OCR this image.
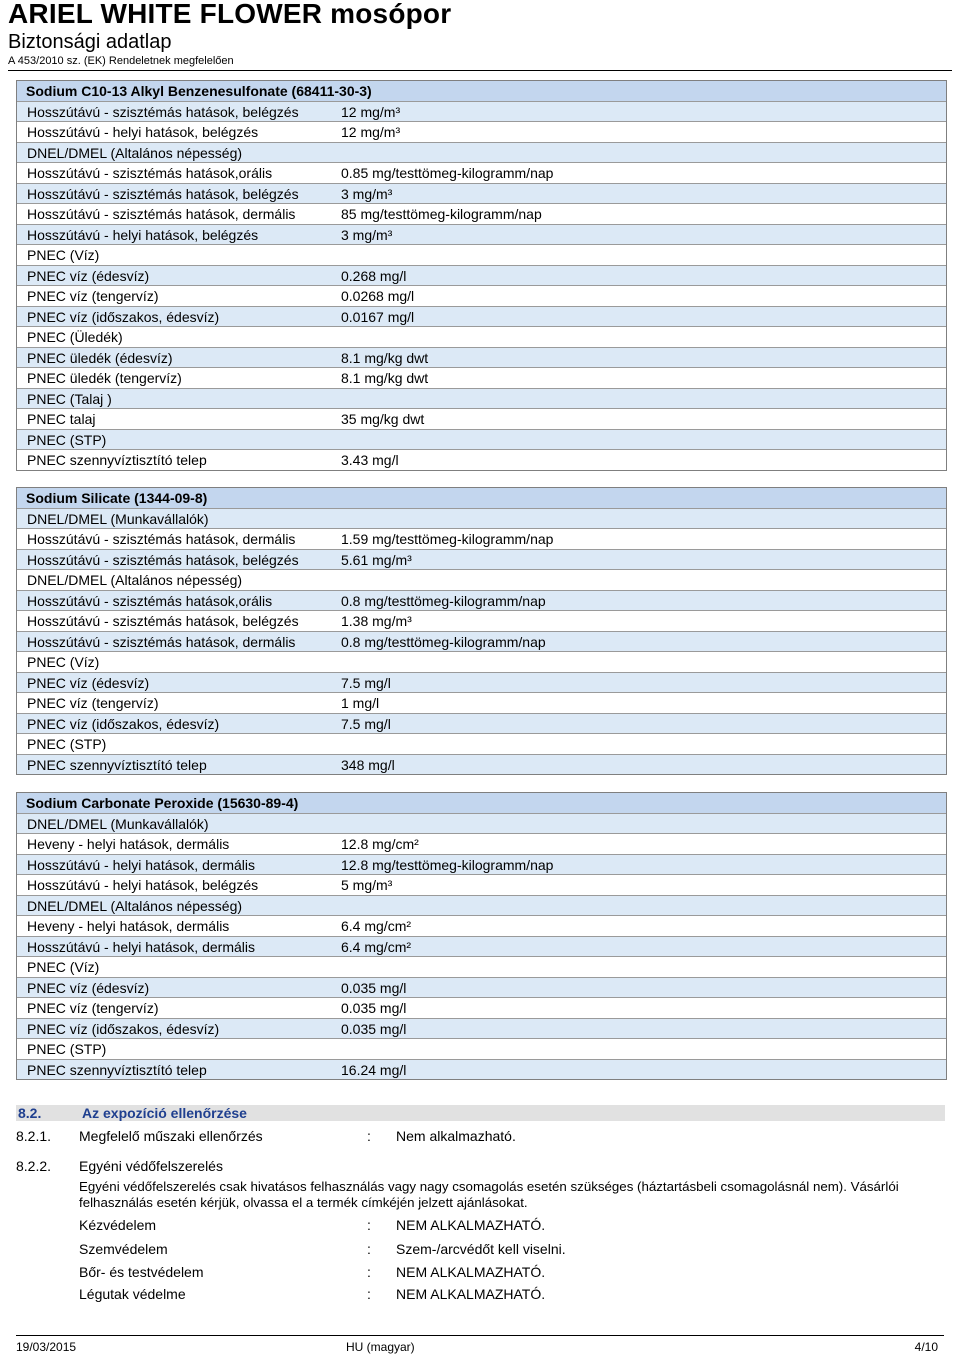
ARIEL WHITE FLOWER mosópor
Biztonsági adatlap
A 453/2010 sz. (EK) Rendeletnek megfelelően
Sodium C10-13 Alkyl Benzenesulfonate (68411-30-3)
Hosszútávú - szisztémás hatások, belégzés	12 mg/m³
Hosszútávú - helyi hatások, belégzés	12 mg/m³
DNEL/DMEL (Altalános népesség)
Hosszútávú - szisztémás hatások,orális	0.85 mg/testtömeg-kilogramm/nap
Hosszútávú - szisztémás hatások, belégzés	3 mg/m³
Hosszútávú - szisztémás hatások, dermális	85 mg/testtömeg-kilogramm/nap
Hosszútávú - helyi hatások, belégzés	3 mg/m³
PNEC (Víz)
PNEC víz (édesvíz)	0.268 mg/l
PNEC víz (tengervíz)	0.0268 mg/l
PNEC víz (időszakos, édesvíz)	0.0167 mg/l
PNEC (Üledék)
PNEC üledék (édesvíz)	8.1 mg/kg dwt
PNEC üledék (tengervíz)	8.1 mg/kg dwt
PNEC (Talaj )
PNEC talaj	35 mg/kg dwt
PNEC (STP)
PNEC szennyvíztisztító telep	3.43 mg/l
Sodium Silicate (1344-09-8)
DNEL/DMEL (Munkavállalók)
Hosszútávú - szisztémás hatások, dermális	1.59 mg/testtömeg-kilogramm/nap
Hosszútávú - szisztémás hatások, belégzés	5.61 mg/m³
DNEL/DMEL (Altalános népesség)
Hosszútávú - szisztémás hatások,orális	0.8 mg/testtömeg-kilogramm/nap
Hosszútávú - szisztémás hatások, belégzés	1.38 mg/m³
Hosszútávú - szisztémás hatások, dermális	0.8 mg/testtömeg-kilogramm/nap
PNEC (Víz)
PNEC víz (édesvíz)	7.5 mg/l
PNEC víz (tengervíz)	1 mg/l
PNEC víz (időszakos, édesvíz)	7.5 mg/l
PNEC (STP)
PNEC szennyvíztisztító telep	348 mg/l
Sodium Carbonate Peroxide (15630-89-4)
DNEL/DMEL (Munkavállalók)
Heveny - helyi hatások, dermális	12.8 mg/cm²
Hosszútávú - helyi hatások, dermális	12.8 mg/testtömeg-kilogramm/nap
Hosszútávú - helyi hatások, belégzés	5 mg/m³
DNEL/DMEL (Altalános népesség)
Heveny - helyi hatások, dermális	6.4 mg/cm²
Hosszútávú - helyi hatások, dermális	6.4 mg/cm²
PNEC (Víz)
PNEC víz (édesvíz)	0.035 mg/l
PNEC víz (tengervíz)	0.035 mg/l
PNEC víz (időszakos, édesvíz)	0.035 mg/l
PNEC (STP)
PNEC szennyvíztisztító telep	16.24 mg/l
8.2.	Az expozíció ellenőrzése
8.2.1. Megfelelő műszaki ellenőrzés	: Nem alkalmazható.
8.2.2. Egyéni védőfelszerelés
Egyéni védőfelszerelés csak hivatásos felhasználás vagy nagy csomagolás esetén szükséges (háztartásbeli csomagolásnál nem). Vásárlói felhasználás esetén kérjük, olvassa el a termék címkéjén jelzett ajánlásokat.
Kézvédelem	: NEM ALKALMAZHATÓ.
Szemvédelem	: Szem-/arcvédőt kell viselni.
Bőr- és testvédelem	: NEM ALKALMAZHATÓ.
Légutak védelme	: NEM ALKALMAZHATÓ.
19/03/2015	HU (magyar)	4/10
